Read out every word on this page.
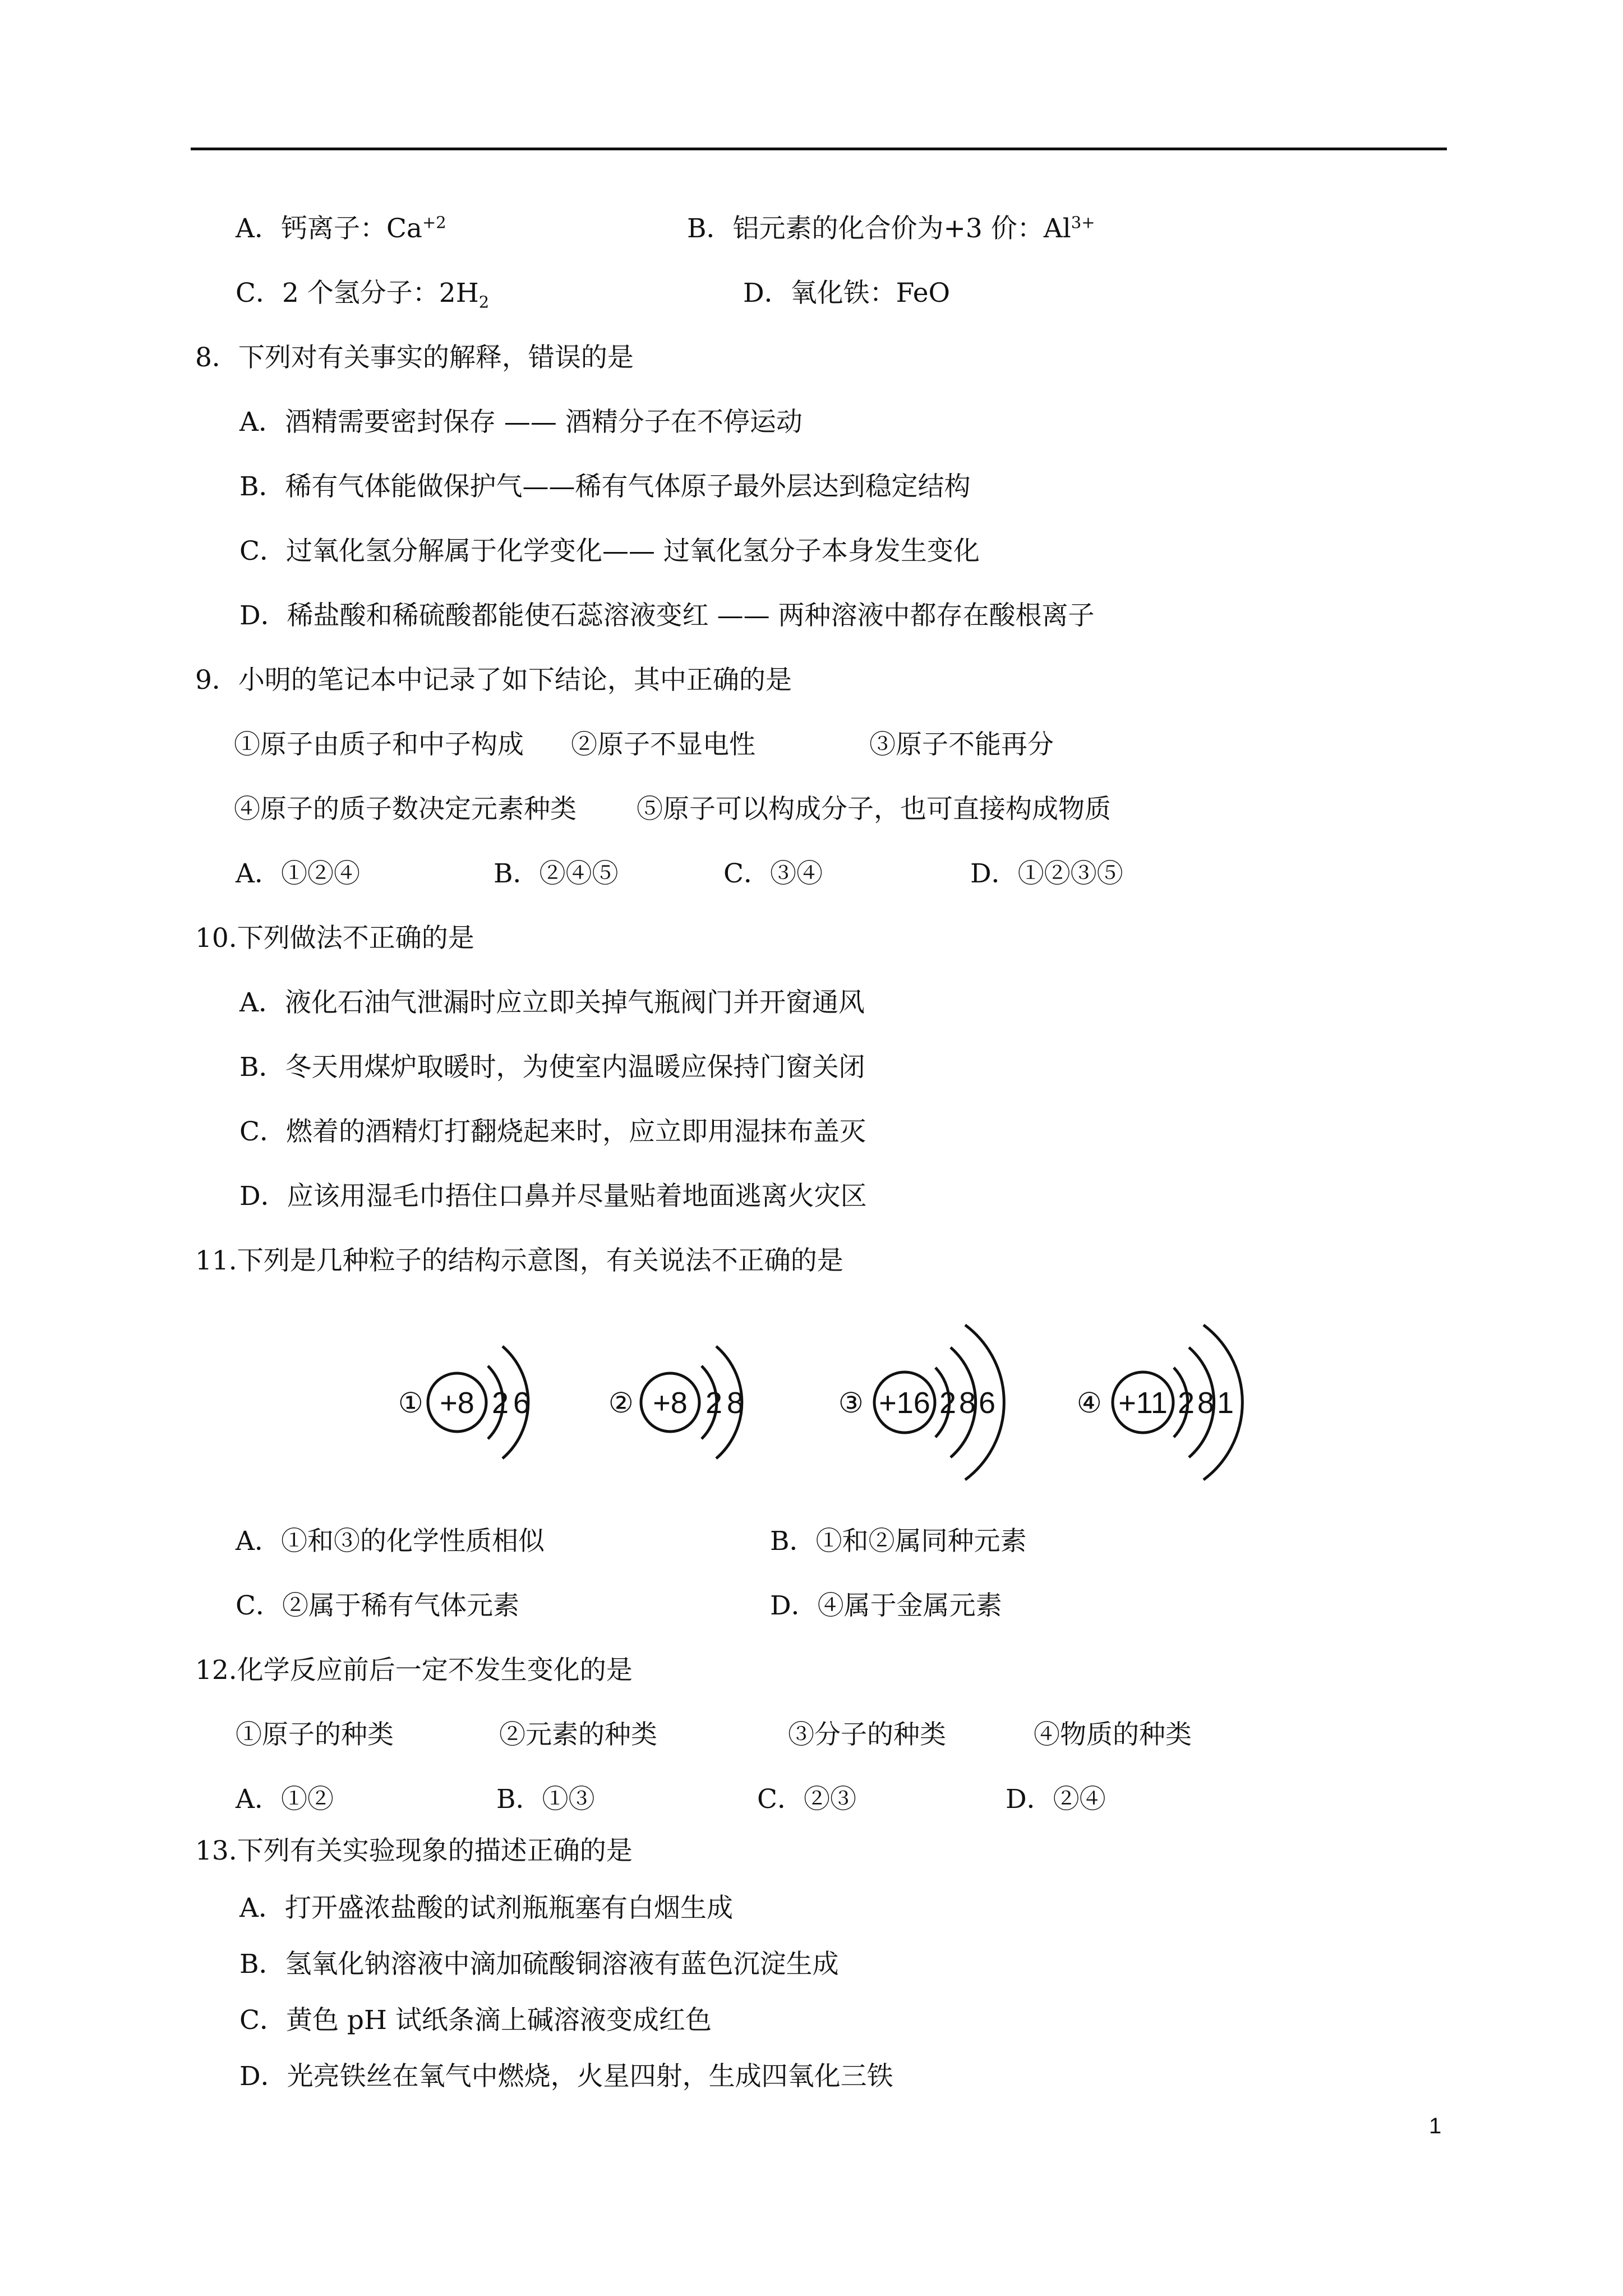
A．钙离子：$Ca^{+2}$	B．铝元素的化合价为+3 价：$Al^{3+}$
C．2 个氢分子：$2H_2$	D．氧化铁：FeO
8．下列对有关事实的解释，错误的是
A．酒精需要密封保存 —— 酒精分子在不停运动
B．稀有气体能做保护气——稀有气体原子最外层达到稳定结构
C．过氧化氢分解属于化学变化—— 过氧化氢分子本身发生变化
D．稀盐酸和稀硫酸都能使石蕊溶液变红 —— 两种溶液中都存在酸根离子
9．小明的笔记本中记录了如下结论，其中正确的是
①原子由质子和中子构成 ②原子不显电性	③原子不能再分
④原子的质子数决定元素种类 ⑤原子可以构成分子，也可直接构成物质
A．①②④	B．②④⑤	C．③④	D．①②③⑤
10.下列做法不正确的是
A．液化石油气泄漏时应立即关掉气瓶阀门并开窗通风
B．冬天用煤炉取暖时，为使室内温暖应保持门窗关闭
C．燃着的酒精灯打翻烧起来时，应立即用湿抹布盖灭
D．应该用湿毛巾捂住口鼻并尽量贴着地面逃离火灾区
11.下列是几种粒子的结构示意图，有关说法不正确的是
① +8 2 6	② +8 2 8	③ +16 2 8 6	④ +11 2 8 1
A．①和③的化学性质相似	B．①和②属同种元素
C．②属于稀有气体元素	D．④属于金属元素
12.化学反应前后一定不发生变化的是
①原子的种类	②元素的种类	③分子的种类	④物质的种类
A．①②	B．①③	C．②③	D．②④
13.下列有关实验现象的描述正确的是
A．打开盛浓盐酸的试剂瓶瓶塞有白烟生成
B．氢氧化钠溶液中滴加硫酸铜溶液有蓝色沉淀生成
C．黄色 pH 试纸条滴上碱溶液变成红色
D．光亮铁丝在氧气中燃烧，火星四射，生成四氧化三铁
1
